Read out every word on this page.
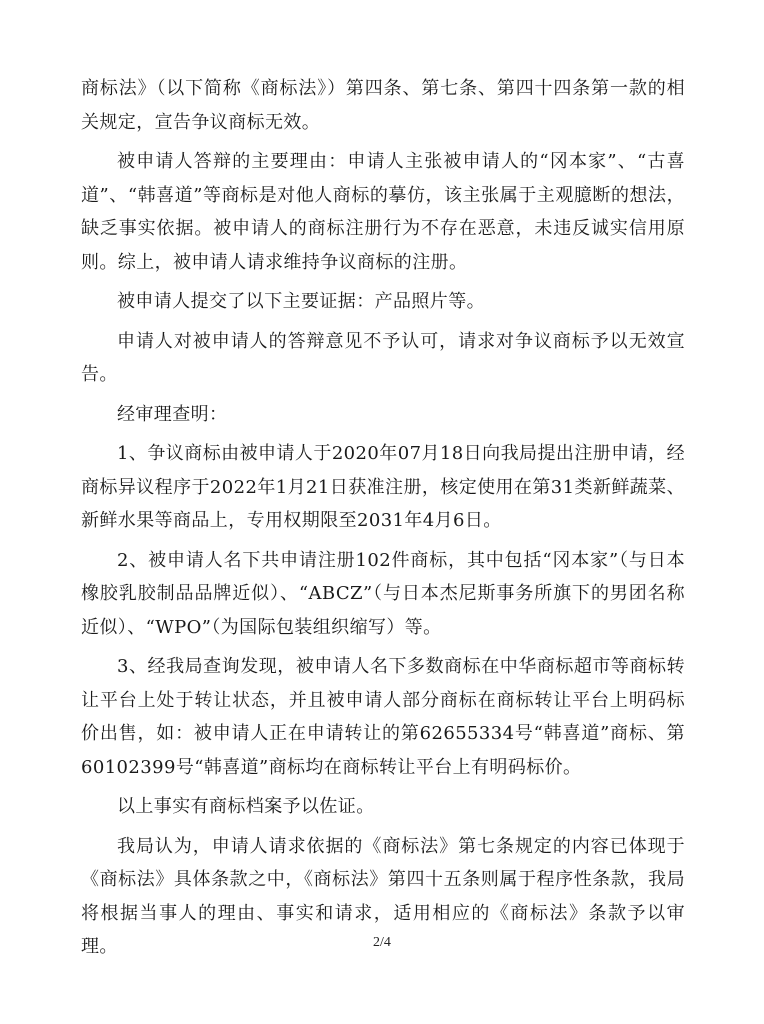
商标法》（以下简称《商标法》）第四条、第七条、第四十四条第一款的相关规定，宣告争议商标无效。

被申请人答辩的主要理由：申请人主张被申请人的“冈本家”、“古喜道”、“韩喜道”等商标是对他人商标的摹仿，该主张属于主观臆断的想法，缺乏事实依据。被申请人的商标注册行为不存在恶意，未违反诚实信用原则。综上，被申请人请求维持争议商标的注册。

被申请人提交了以下主要证据：产品照片等。

申请人对被申请人的答辩意见不予认可，请求对争议商标予以无效宣告。

经审理查明：

1、争议商标由被申请人于2020年07月18日向我局提出注册申请，经商标异议程序于2022年1月21日获准注册，核定使用在第31类新鲜蔬菜、新鲜水果等商品上，专用权期限至2031年4月6日。

2、被申请人名下共申请注册102件商标，其中包括“冈本家”（与日本橡胶乳胶制品品牌近似）、“ABCZ”（与日本杰尼斯事务所旗下的男团名称近似）、“WPO”（为国际包装组织缩写）等。

3、经我局查询发现，被申请人名下多数商标在中华商标超市等商标转让平台上处于转让状态，并且被申请人部分商标在商标转让平台上明码标价出售，如：被申请人正在申请转让的第62655334号“韩喜道”商标、第60102399号“韩喜道”商标均在商标转让平台上有明码标价。

以上事实有商标档案予以佐证。

我局认为，申请人请求依据的《商标法》第七条规定的内容已体现于《商标法》具体条款之中，《商标法》第四十五条则属于程序性条款，我局将根据当事人的理由、事实和请求，适用相应的《商标法》条款予以审理。	2/4
